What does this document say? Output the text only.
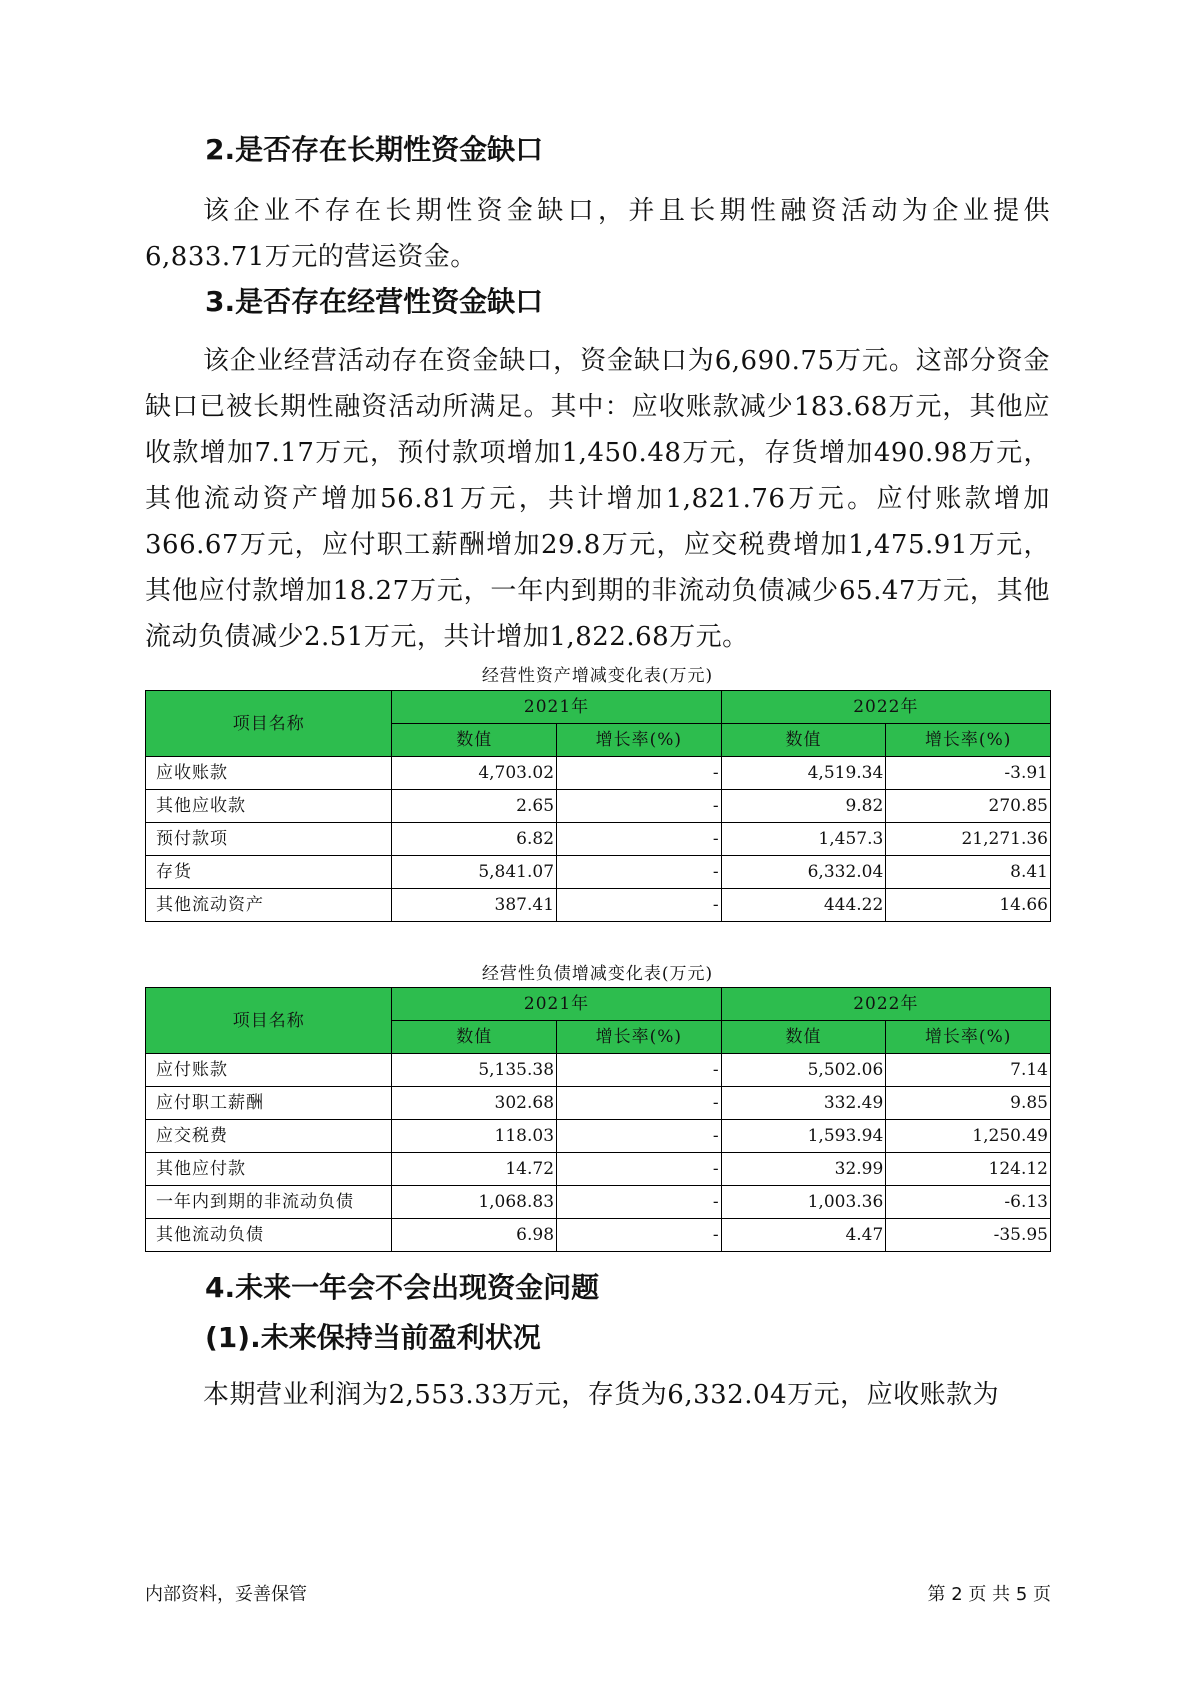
2.是否存在长期性资金缺口

该企业不存在长期性资金缺口，并且长期性融资活动为企业提供6,833.71万元的营运资金。

3.是否存在经营性资金缺口

该企业经营活动存在资金缺口，资金缺口为6,690.75万元。这部分资金缺口已被长期性融资活动所满足。其中：应收账款减少183.68万元，其他应收款增加7.17万元，预付款项增加1,450.48万元，存货增加490.98万元，其他流动资产增加56.81万元，共计增加1,821.76万元。应付账款增加366.67万元，应付职工薪酬增加29.8万元，应交税费增加1,475.91万元，其他应付款增加18.27万元，一年内到期的非流动负债减少65.47万元，其他流动负债减少2.51万元，共计增加1,822.68万元。

经营性资产增减变化表(万元)
项目名称	2021年		2022年	
	数值	增长率(%)	数值	增长率(%)
应收账款	4,703.02	-	4,519.34	-3.91
其他应收款	2.65	-	9.82	270.85
预付款项	6.82	-	1,457.3	21,271.36
存货	5,841.07	-	6,332.04	8.41
其他流动资产	387.41	-	444.22	14.66
经营性负债增减变化表(万元)
项目名称	2021年		2022年	
	数值	增长率(%)	数值	增长率(%)
应付账款	5,135.38	-	5,502.06	7.14
应付职工薪酬	302.68	-	332.49	9.85
应交税费	118.03	-	1,593.94	1,250.49
其他应付款	14.72	-	32.99	124.12
一年内到期的非流动负债	1,068.83	-	1,003.36	-6.13
其他流动负债	6.98	-	4.47	-35.95
4.未来一年会不会出现资金问题
(1).未来保持当前盈利状况

本期营业利润为2,553.33万元，存货为6,332.04万元，应收账款为

内部资料，妥善保管	第 2 页 共 5 页
